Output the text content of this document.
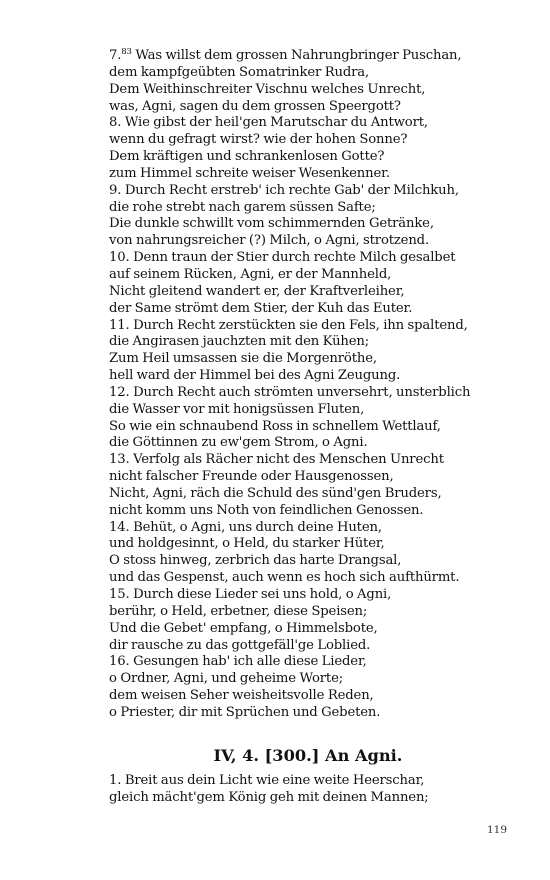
7.83 Was willst dem grossen Nahrungbringer Puschan,
dem kampfgeübten Somatrinker Rudra,
Dem Weithinschreiter Vischnu welches Unrecht,
was, Agni, sagen du dem grossen Speergott?
8. Wie gibst der heil'gen Marutschar du Antwort,
wenn du gefragt wirst? wie der hohen Sonne?
Dem kräftigen und schrankenlosen Gotte?
zum Himmel schreite weiser Wesenkenner.
9. Durch Recht erstreb' ich rechte Gab' der Milchkuh,
die rohe strebt nach garem süssen Safte;
Die dunkle schwillt vom schimmernden Getränke,
von nahrungsreicher (?) Milch, o Agni, strotzend.
10. Denn traun der Stier durch rechte Milch gesalbet
auf seinem Rücken, Agni, er der Mannheld,
Nicht gleitend wandert er, der Kraftverleiher,
der Same strömt dem Stier, der Kuh das Euter.
11. Durch Recht zerstückten sie den Fels, ihn spaltend,
die Angirasen jauchzten mit den Kühen;
Zum Heil umsassen sie die Morgenröthe,
hell ward der Himmel bei des Agni Zeugung.
12. Durch Recht auch strömten unversehrt, unsterblich
die Wasser vor mit honigsüssen Fluten,
So wie ein schnaubend Ross in schnellem Wettlauf,
die Göttinnen zu ew'gem Strom, o Agni.
13. Verfolg als Rächer nicht des Menschen Unrecht
nicht falscher Freunde oder Hausgenossen,
Nicht, Agni, räch die Schuld des sünd'gen Bruders,
nicht komm uns Noth von feindlichen Genossen.
14. Behüt, o Agni, uns durch deine Huten,
und holdgesinnt, o Held, du starker Hüter,
O stoss hinweg, zerbrich das harte Drangsal,
und das Gespenst, auch wenn es hoch sich aufthürmt.
15. Durch diese Lieder sei uns hold, o Agni,
berühr, o Held, erbetner, diese Speisen;
Und die Gebet' empfang, o Himmelsbote,
dir rausche zu das gottgefäll'ge Loblied.
16. Gesungen hab' ich alle diese Lieder,
o Ordner, Agni, und geheime Worte;
dem weisen Seher weisheitsvolle Reden,
o Priester, dir mit Sprüchen und Gebeten.
IV, 4. [300.] An Agni.
1. Breit aus dein Licht wie eine weite Heerschar,
gleich mächt'gem König geh mit deinen Mannen;
119
